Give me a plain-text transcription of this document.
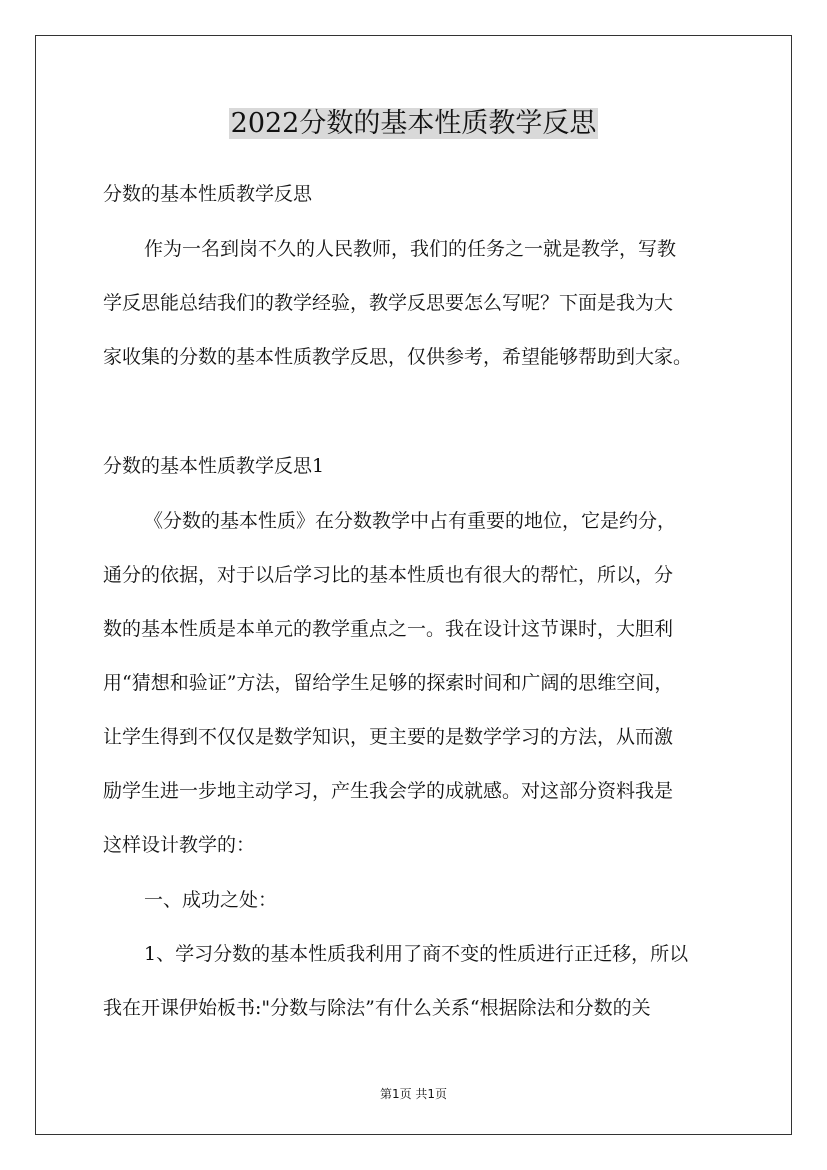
2022分数的基本性质教学反思
分数的基本性质教学反思
作为一名到岗不久的人民教师，我们的任务之一就是教学，写教
学反思能总结我们的教学经验，教学反思要怎么写呢？下面是我为大
家收集的分数的基本性质教学反思，仅供参考，希望能够帮助到大家。
分数的基本性质教学反思1
《分数的基本性质》在分数教学中占有重要的地位，它是约分，
通分的依据，对于以后学习比的基本性质也有很大的帮忙，所以，分
数的基本性质是本单元的教学重点之一。我在设计这节课时，大胆利
用“猜想和验证”方法，留给学生足够的探索时间和广阔的思维空间，
让学生得到不仅仅是数学知识，更主要的是数学学习的方法，从而激
励学生进一步地主动学习，产生我会学的成就感。对这部分资料我是
这样设计教学的：
一、成功之处：
1、学习分数的基本性质我利用了商不变的性质进行正迁移，所以
我在开课伊始板书:"分数与除法”有什么关系“根据除法和分数的关
第1页 共1页
